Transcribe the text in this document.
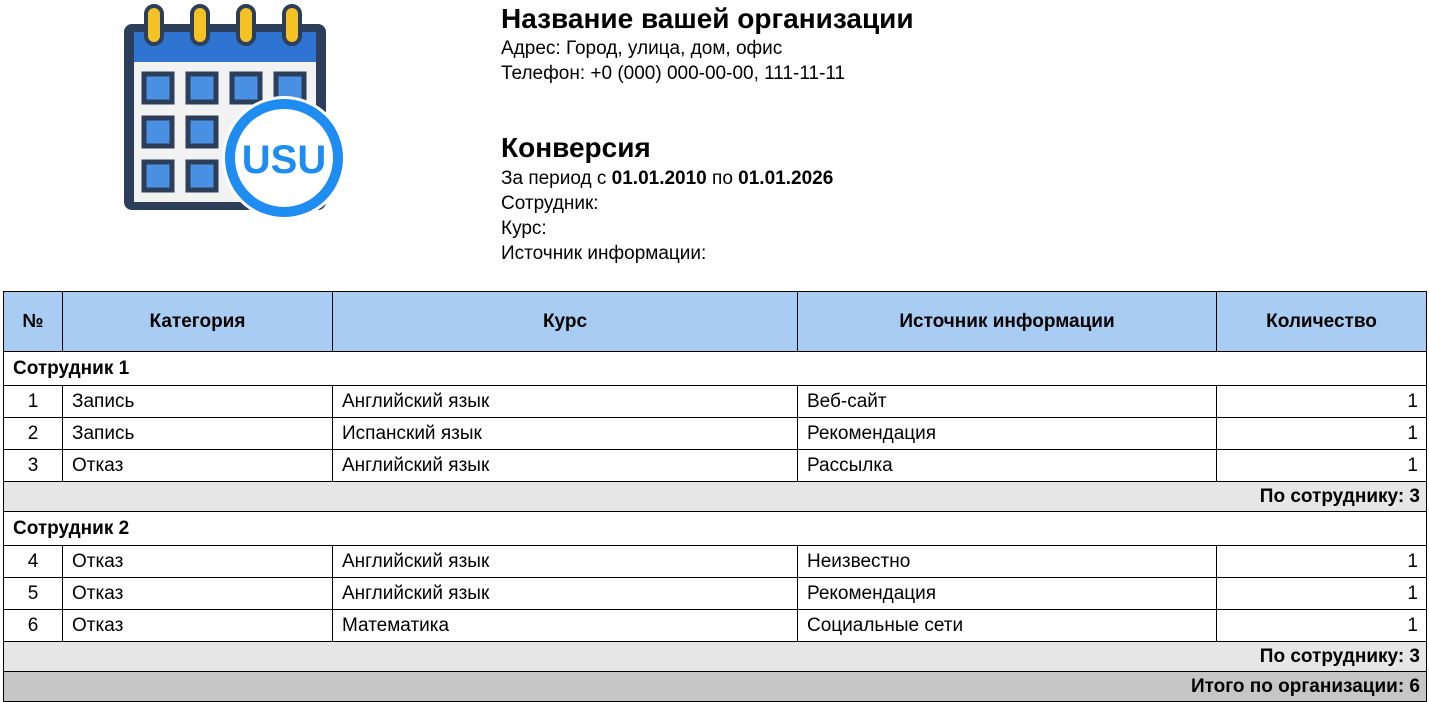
USU
Название вашей организации
Адрес: Город, улица, дом, офис
Телефон: +0 (000) 000-00-00, 111-11-11
Конверсия
За период с 01.01.2010 по 01.01.2026
Сотрудник:
Курс:
Источник информации:
№	Категория	Курс	Источник информации	Количество
Сотрудник 1				
1	Запись	Английский язык	Веб-сайт	1
2	Запись	Испанский язык	Рекомендация	1
3	Отказ	Английский язык	Рассылка	1
По сотруднику: 3				
Сотрудник 2				
4	Отказ	Английский язык	Неизвестно	1
5	Отказ	Английский язык	Рекомендация	1
6	Отказ	Математика	Социальные сети	1
По сотруднику: 3				
Итого по организации: 6				
